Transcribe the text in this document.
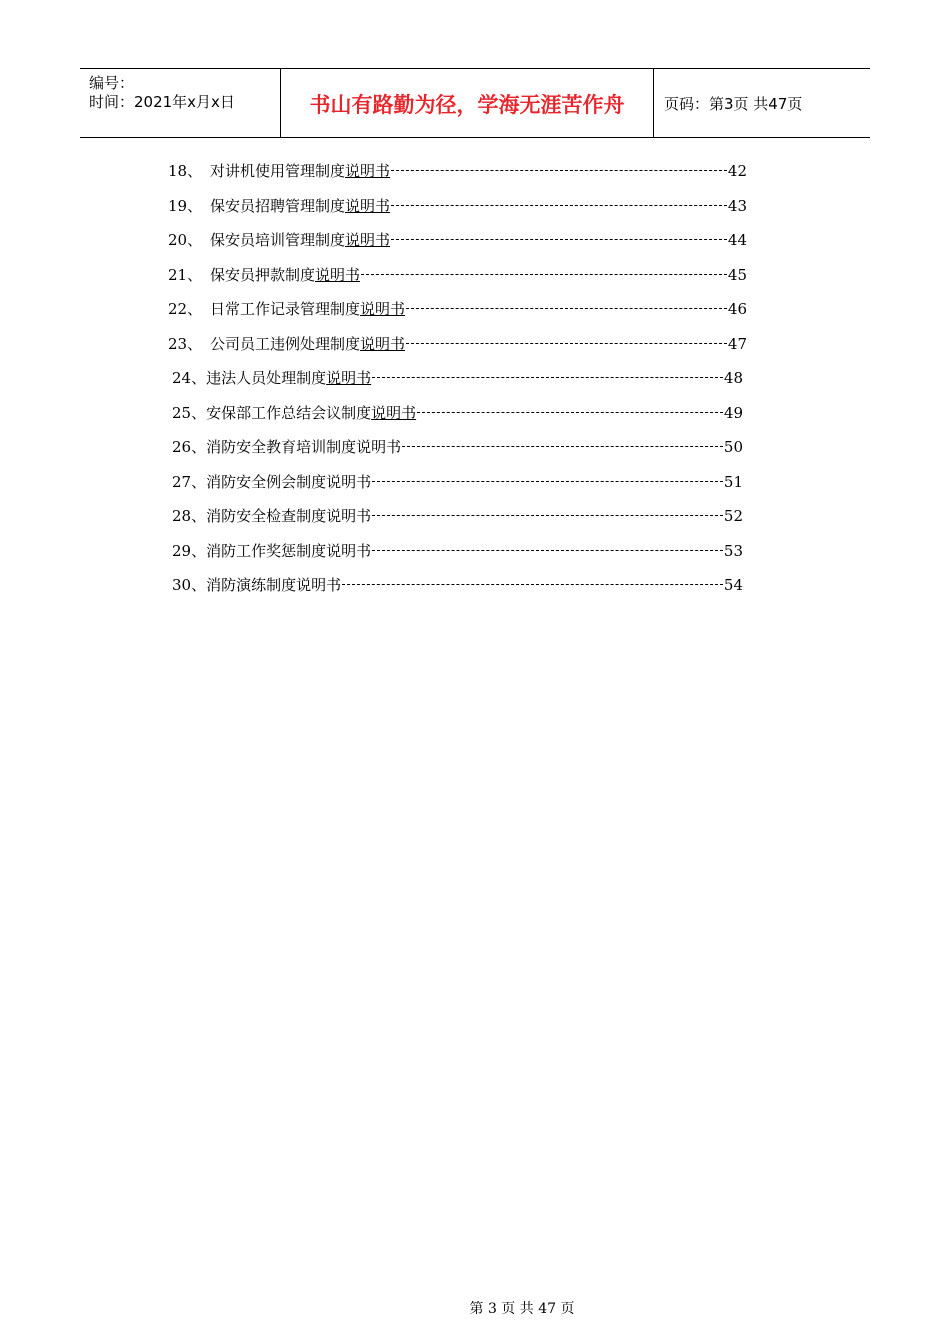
编号：
时间：2021年x月x日	书山有路勤为径，学海无涯苦作舟	页码：第3页 共47页
18、 对讲机使用管理制度说明书	42
19、 保安员招聘管理制度说明书	43
20、 保安员培训管理制度说明书	44
21、 保安员押款制度说明书	45
22、 日常工作记录管理制度说明书	46
23、 公司员工违例处理制度说明书	47
24、 违法人员处理制度说明书	48
25、 安保部工作总结会议制度说明书	49
26、 消防安全教育培训制度说明书	50
27、 消防安全例会制度说明书	51
28、 消防安全检查制度说明书	52
29、 消防工作奖惩制度说明书	53
30、 消防演练制度说明书	54
第 3 页 共 47 页
